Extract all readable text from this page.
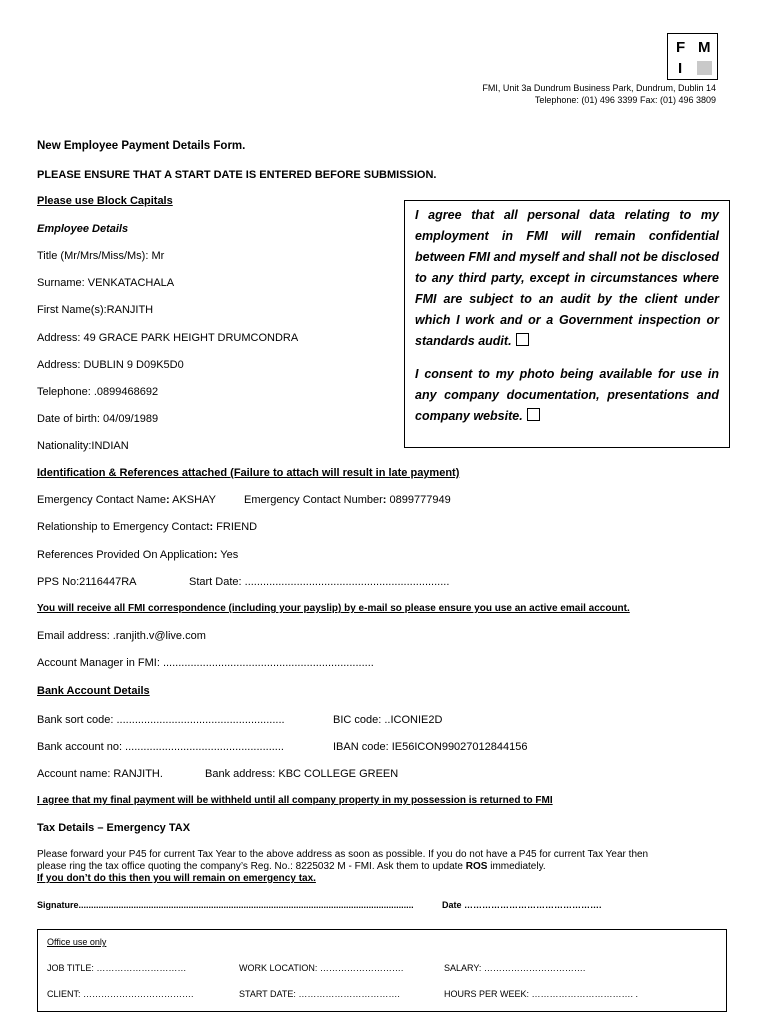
F M
I
FMI, Unit 3a Dundrum Business Park, Dundrum, Dublin 14
Telephone: (01) 496 3399 Fax: (01) 496 3809
New Employee Payment Details Form.
PLEASE ENSURE THAT A START DATE IS ENTERED BEFORE SUBMISSION.
Please use Block Capitals
Employee Details
Title (Mr/Mrs/Miss/Ms): Mr
Surname: VENKATACHALA
First Name(s):RANJITH
Address: 49 GRACE PARK HEIGHT DRUMCONDRA
Address: DUBLIN 9 D09K5D0
Telephone: .0899468692
Date of birth: 04/09/1989
Nationality:INDIAN

I agree that all personal data relating to my employment in FMI will remain confidential between FMI and myself and shall not be disclosed to any third party, except in circumstances where FMI are subject to an audit by the client under which I work and or a Government inspection or standards audit.

I consent to my photo being available for use in any company documentation, presentations and company website.

Identification & References attached (Failure to attach will result in late payment)
Emergency Contact Name: AKSHAY	Emergency Contact Number: 0899777949
Relationship to Emergency Contact: FRIEND
References Provided On Application: Yes
PPS No:2116447RA	Start Date: ...................................................................
You will receive all FMI correspondence (including your payslip) by e-mail so please ensure you use an active email account.
Email address: .ranjith.v@live.com
Account Manager in FMI: .....................................................................
Bank Account Details
Bank sort code: .......................................................	BIC code: ..ICONIE2D
Bank account no: ....................................................	IBAN code: IE56ICON99027012844156
Account name: RANJITH.	Bank address: KBC COLLEGE GREEN
I agree that my final payment will be withheld until all company property in my possession is returned to FMI
Tax Details – Emergency TAX
Please forward your P45 for current Tax Year to the above address as soon as possible. If you do not have a P45 for current Tax Year then
please ring the tax office quoting the company’s Reg. No.: 8225032 M - FMI. Ask them to update ROS immediately.
If you don’t do this then you will remain on emergency tax.
Signature......................................................................................................................................	Date ……………………………………….
Office use only
JOB TITLE: …………………………	WORK LOCATION: ……………………….	SALARY: …………………………….
CLIENT: ……………………………….	START DATE: …………………………….	HOURS PER WEEK: ……………………………. .
